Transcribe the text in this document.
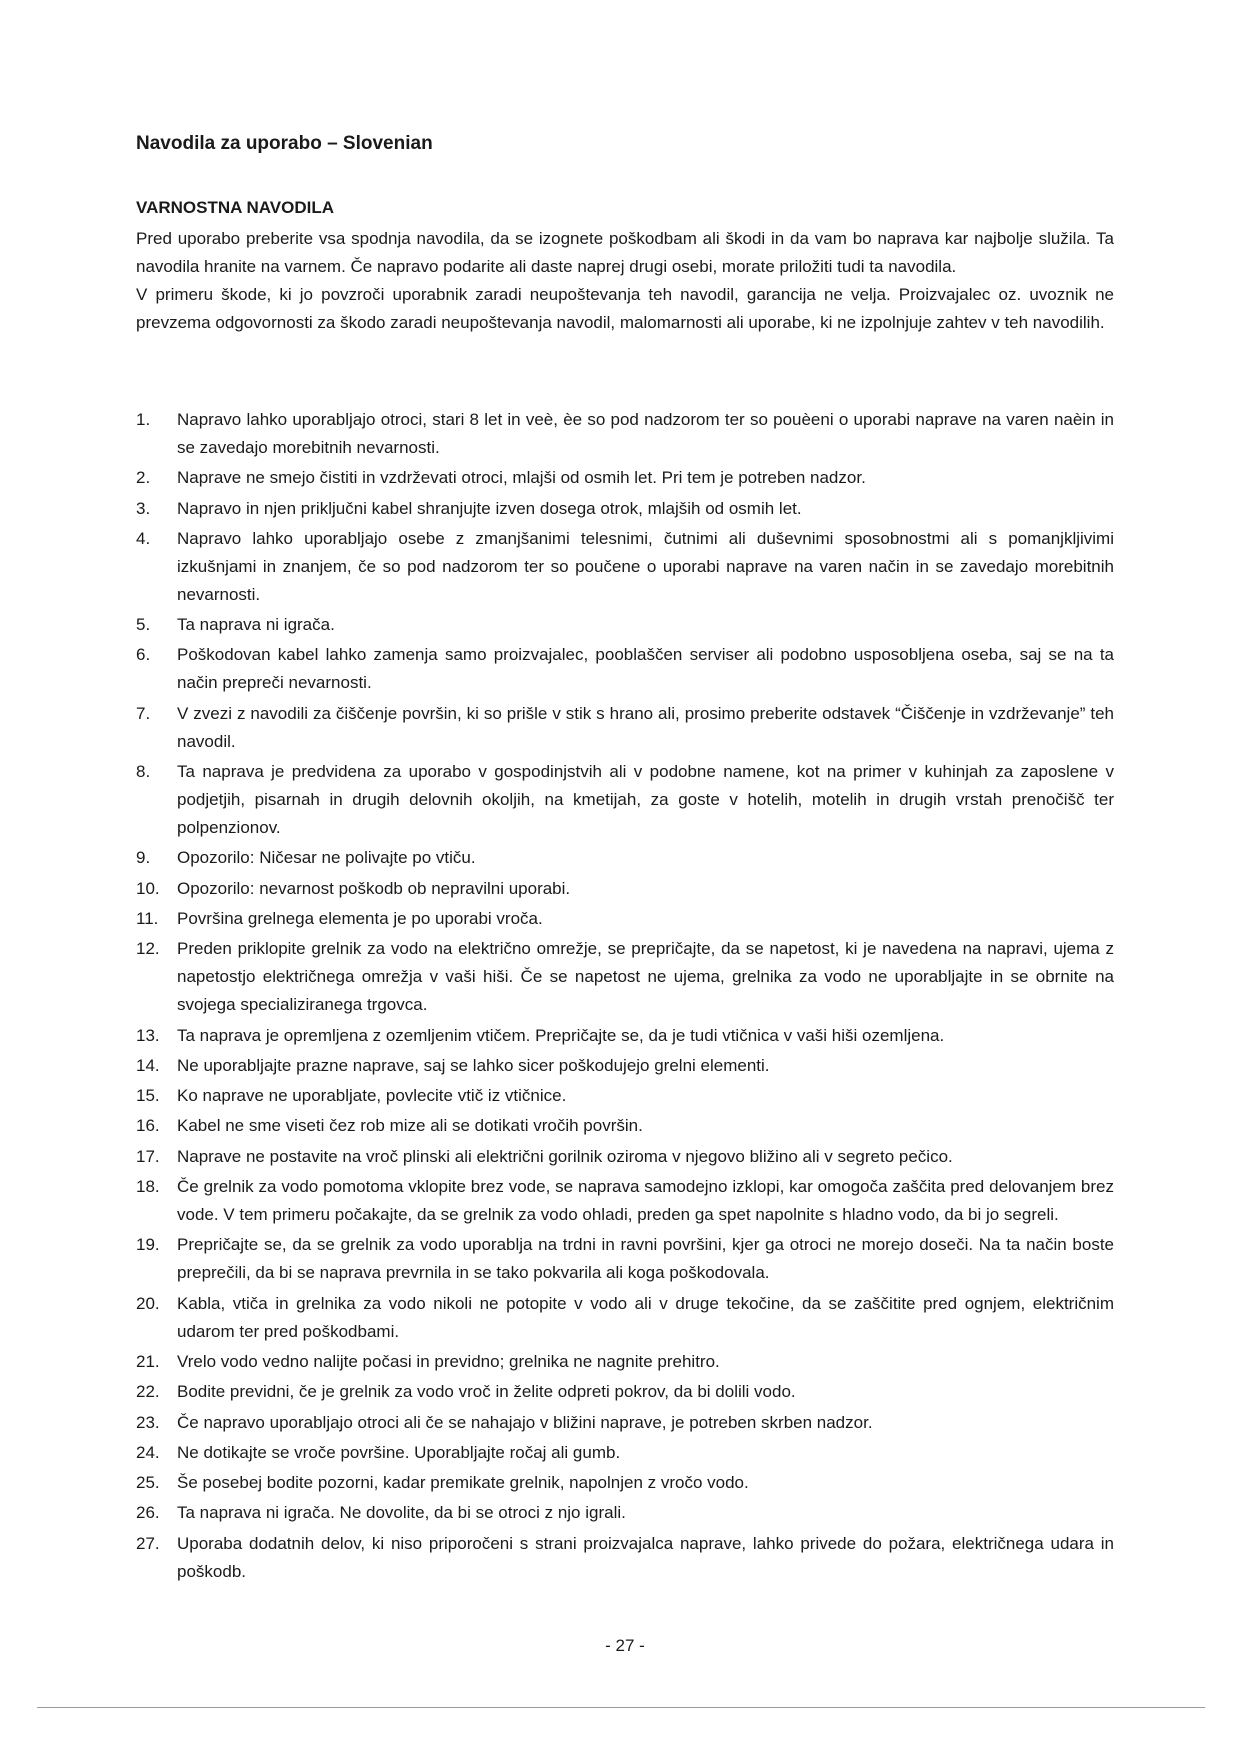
Navodila za uporabo – Slovenian
VARNOSTNA NAVODILA

Pred uporabo preberite vsa spodnja navodila, da se izognete poškodbam ali škodi in da vam bo naprava kar najbolje služila. Ta navodila hranite na varnem. Če napravo podarite ali daste naprej drugi osebi, morate priložiti tudi ta navodila.

V primeru škode, ki jo povzroči uporabnik zaradi neupoštevanja teh navodil, garancija ne velja. Proizvajalec oz. uvoznik ne prevzema odgovornosti za škodo zaradi neupoštevanja navodil, malomarnosti ali uporabe, ki ne izpolnjuje zahtev v teh navodilih.

1.	Napravo lahko uporabljajo otroci, stari 8 let in veè, èe so pod nadzorom ter so pouèeni o uporabi naprave na varen naèin in se zavedajo morebitnih nevarnosti.
2.	Naprave ne smejo čistiti in vzdrževati otroci, mlajši od osmih let. Pri tem je potreben nadzor.
3.	Napravo in njen priključni kabel shranjujte izven dosega otrok, mlajših od osmih let.
4.	Napravo lahko uporabljajo osebe z zmanjšanimi telesnimi, čutnimi ali duševnimi sposobnostmi ali s pomanjkljivimi izkušnjami in znanjem, če so pod nadzorom ter so poučene o uporabi naprave na varen način in se zavedajo morebitnih nevarnosti.
5.	Ta naprava ni igrača.
6.	Poškodovan kabel lahko zamenja samo proizvajalec, pooblaščen serviser ali podobno usposobljena oseba, saj se na ta način prepreči nevarnosti.
7.	V zvezi z navodili za čiščenje površin, ki so prišle v stik s hrano ali, prosimo preberite odstavek “Čiščenje in vzdrževanje” teh navodil.
8.	Ta naprava je predvidena za uporabo v gospodinjstvih ali v podobne namene, kot na primer v kuhinjah za zaposlene v podjetjih, pisarnah in drugih delovnih okoljih, na kmetijah, za goste v hotelih, motelih in drugih vrstah prenočišč ter polpenzionov.
9.	Opozorilo: Ničesar ne polivajte po vtiču.
10.	Opozorilo: nevarnost poškodb ob nepravilni uporabi.
11.	Površina grelnega elementa je po uporabi vroča.
12.	Preden priklopite grelnik za vodo na električno omrežje, se prepričajte, da se napetost, ki je navedena na napravi, ujema z napetostjo električnega omrežja v vaši hiši. Če se napetost ne ujema, grelnika za vodo ne uporabljajte in se obrnite na svojega specializiranega trgovca.
13.	Ta naprava je opremljena z ozemljenim vtičem. Prepričajte se, da je tudi vtičnica v vaši hiši ozemljena.
14.	Ne uporabljajte prazne naprave, saj se lahko sicer poškodujejo grelni elementi.
15.	Ko naprave ne uporabljate, povlecite vtič iz vtičnice.
16.	Kabel ne sme viseti čez rob mize ali se dotikati vročih površin.
17.	Naprave ne postavite na vroč plinski ali električni gorilnik oziroma v njegovo bližino ali v segreto pečico.
18.	Če grelnik za vodo pomotoma vklopite brez vode, se naprava samodejno izklopi, kar omogoča zaščita pred delovanjem brez vode. V tem primeru počakajte, da se grelnik za vodo ohladi, preden ga spet napolnite s hladno vodo, da bi jo segreli.
19.	Prepričajte se, da se grelnik za vodo uporablja na trdni in ravni površini, kjer ga otroci ne morejo doseči. Na ta način boste preprečili, da bi se naprava prevrnila in se tako pokvarila ali koga poškodovala.
20.	Kabla, vtiča in grelnika za vodo nikoli ne potopite v vodo ali v druge tekočine, da se zaščitite pred ognjem, električnim udarom ter pred poškodbami.
21.	Vrelo vodo vedno nalijte počasi in previdno; grelnika ne nagnite prehitro.
22.	Bodite previdni, če je grelnik za vodo vroč in želite odpreti pokrov, da bi dolili vodo.
23.	Če napravo uporabljajo otroci ali če se nahajajo v bližini naprave, je potreben skrben nadzor.
24.	Ne dotikajte se vroče površine. Uporabljajte ročaj ali gumb.
25.	Še posebej bodite pozorni, kadar premikate grelnik, napolnjen z vročo vodo.
26.	Ta naprava ni igrača. Ne dovolite, da bi se otroci z njo igrali.
27.	Uporaba dodatnih delov, ki niso priporočeni s strani proizvajalca naprave, lahko privede do požara, električnega udara in poškodb.
- 27 -
